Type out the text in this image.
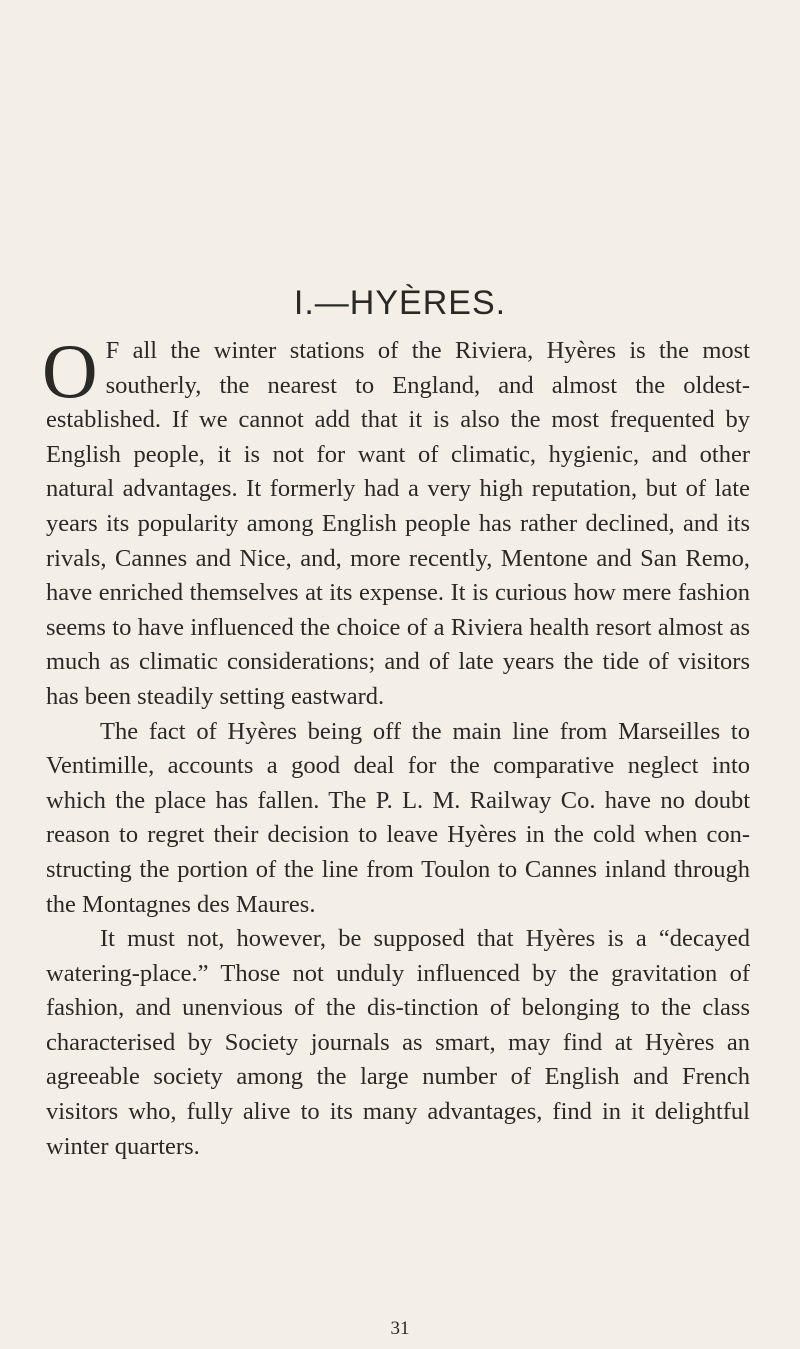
I.—HYÈRES.

O F all the winter stations of the Riviera, Hyères is the most southerly, the nearest to England, and almost the oldest-established. If we cannot add that it is also the most frequented by English people, it is not for want of climatic, hygienic, and other natural advantages. It formerly had a very high reputation, but of late years its popularity among English people has rather declined, and its rivals, Cannes and Nice, and, more recently, Mentone and San Remo, have enriched themselves at its expense. It is curious how mere fashion seems to have influenced the choice of a Riviera health resort almost as much as climatic considerations; and of late years the tide of visitors has been steadily setting eastward.

The fact of Hyères being off the main line from Marseilles to Ventimille, accounts a good deal for the comparative neglect into which the place has fallen. The P. L. M. Railway Co. have no doubt reason to regret their decision to leave Hyères in the cold when con-structing the portion of the line from Toulon to Cannes inland through the Montagnes des Maures.

It must not, however, be supposed that Hyères is a “decayed watering-place.” Those not unduly influenced by the gravitation of fashion, and unenvious of the dis-tinction of belonging to the class characterised by Society journals as smart, may find at Hyères an agreeable society among the large number of English and French visitors who, fully alive to its many advantages, find in it delightful winter quarters.

31
